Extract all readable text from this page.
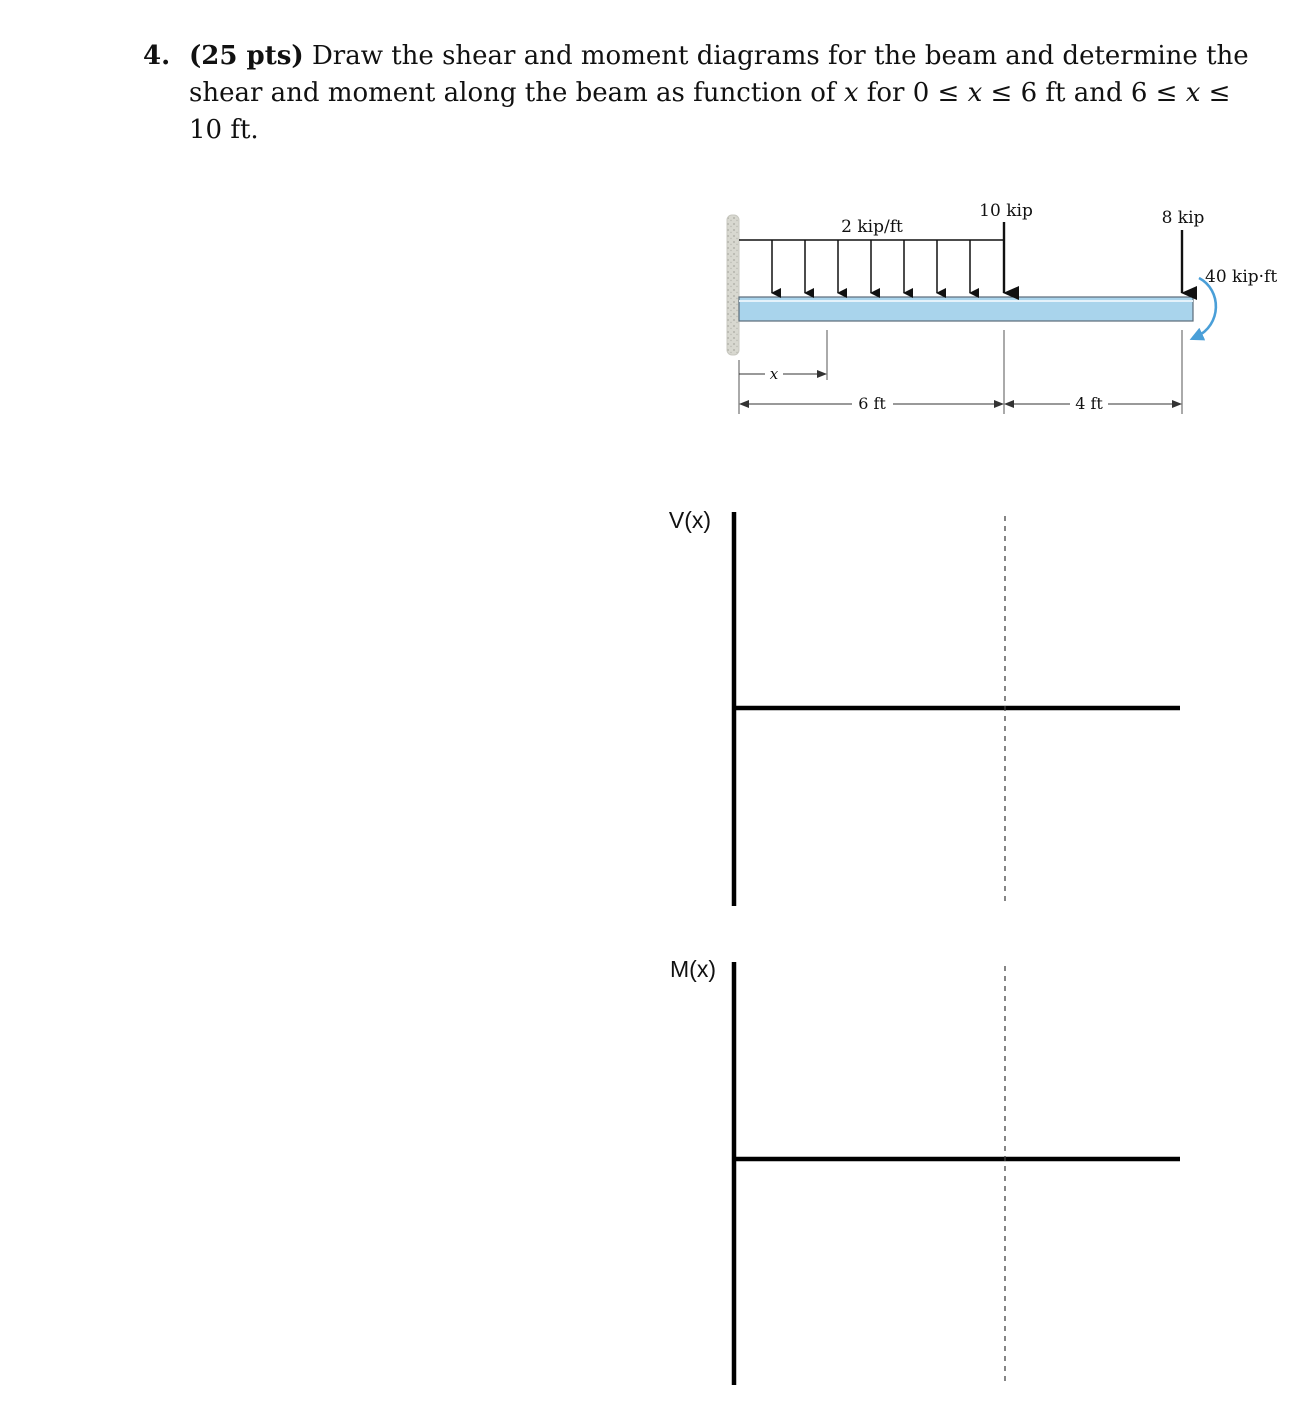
4. (25 pts) Draw the shear and moment diagrams for the beam and determine the
shear and moment along the beam as function of x for 0 ≤ x ≤ 6 ft and 6 ≤ x ≤ 10 ft.
2 kip/ft
10 kip	8 kip
40 kip·ft
x
6 ft	4 ft
V(x)
M(x)
